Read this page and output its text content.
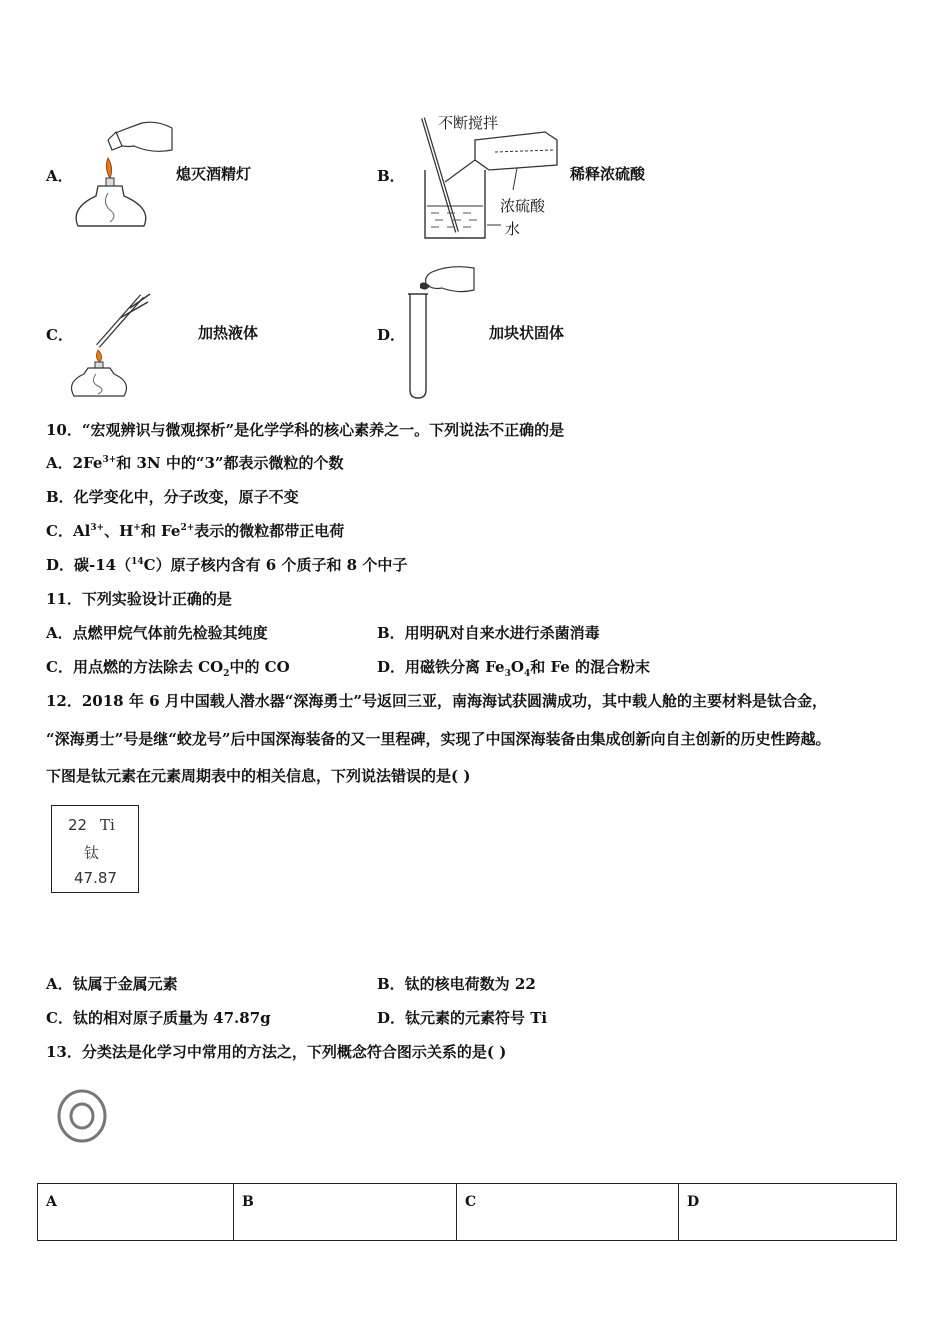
A．	熄灭酒精灯	B．
不断搅拌
浓硫酸
水
稀释浓硫酸
C．	加热液体	D．	加块状固体
10．“宏观辨识与微观探析”是化学学科的核心素养之一。下列说法不正确的是
A．$2Fe^{3+}$和 3N 中的“3”都表示微粒的个数
B．化学变化中，分子改变，原子不变
C．$Al^{3+}$、H+和 $Fe^{2+}$表示的微粒都带正电荷
D．碳-14（$^{14}$C）原子核内含有 6 个质子和 8 个中子
11．下列实验设计正确的是
A．点燃甲烷气体前先检验其纯度	B．用明矾对自来水进行杀菌消毒
C．用点燃的方法除去 $CO_2$中的 CO	D．用磁铁分离 $Fe_3O_4$和 Fe 的混合粉末
12．2018 年 6 月中国载人潜水器“深海勇士”号返回三亚，南海海试获圆满成功，其中载人舱的主要材料是钛合金，
“深海勇士”号是继“蛟龙号”后中国深海装备的又一里程碑，实现了中国深海装备由集成创新向自主创新的历史性跨越。
下图是钛元素在元素周期表中的相关信息，下列说法错误的是( )
22 Ti
钛
47.87
A．钛属于金属元素	B．钛的核电荷数为 22
C．钛的相对原子质量为 47.87g	D．钛元素的元素符号 Ti
13．分类法是化学习中常用的方法之，下列概念符合图示关系的是( )
A	B	C	D
